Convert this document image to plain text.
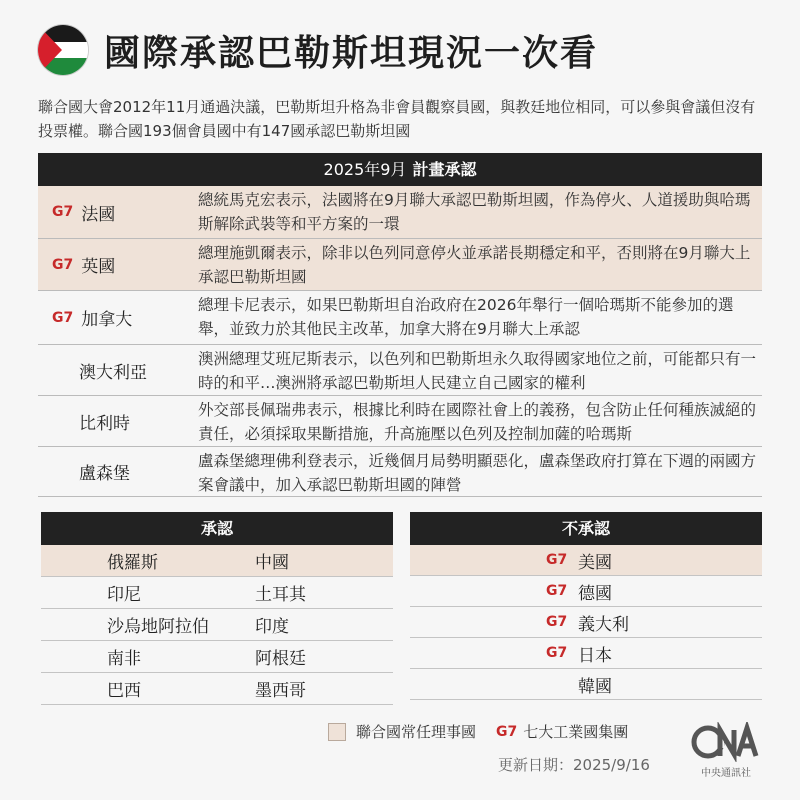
國際承認巴勒斯坦現況一次看
聯合國大會2012年11月通過決議，巴勒斯坦升格為非會員觀察員國，與教廷地位相同，可以參與會議但沒有投票權。聯合國193個會員國中有147國承認巴勒斯坦國
2025年9月 計畫承認
G7 法國
總統馬克宏表示，法國將在9月聯大承認巴勒斯坦國，作為停火、人道援助與哈瑪斯解除武裝等和平方案的一環
G7 英國
總理施凱爾表示，除非以色列同意停火並承諾長期穩定和平，否則將在9月聯大上承認巴勒斯坦國
G7 加拿大
總理卡尼表示，如果巴勒斯坦自治政府在2026年舉行一個哈瑪斯不能參加的選舉，並致力於其他民主改革，加拿大將在9月聯大上承認
澳大利亞
澳洲總理艾班尼斯表示，以色列和巴勒斯坦永久取得國家地位之前，可能都只有一時的和平…澳洲將承認巴勒斯坦人民建立自己國家的權利
比利時
外交部長佩瑞弗表示，根據比利時在國際社會上的義務，包含防止任何種族滅絕的責任，必須採取果斷措施，升高施壓以色列及控制加薩的哈瑪斯
盧森堡
盧森堡總理佛利登表示，近幾個月局勢明顯惡化，盧森堡政府打算在下週的兩國方案會議中，加入承認巴勒斯坦國的陣營
承認
俄羅斯	中國
印尼	土耳其
沙烏地阿拉伯	印度
南非	阿根廷
巴西	墨西哥
不承認
G7 美國
G7 德國
G7 義大利
G7 日本
韓國
聯合國常任理事國 G7 七大工業國集團
更新日期：2025/9/16	中央通訊社
